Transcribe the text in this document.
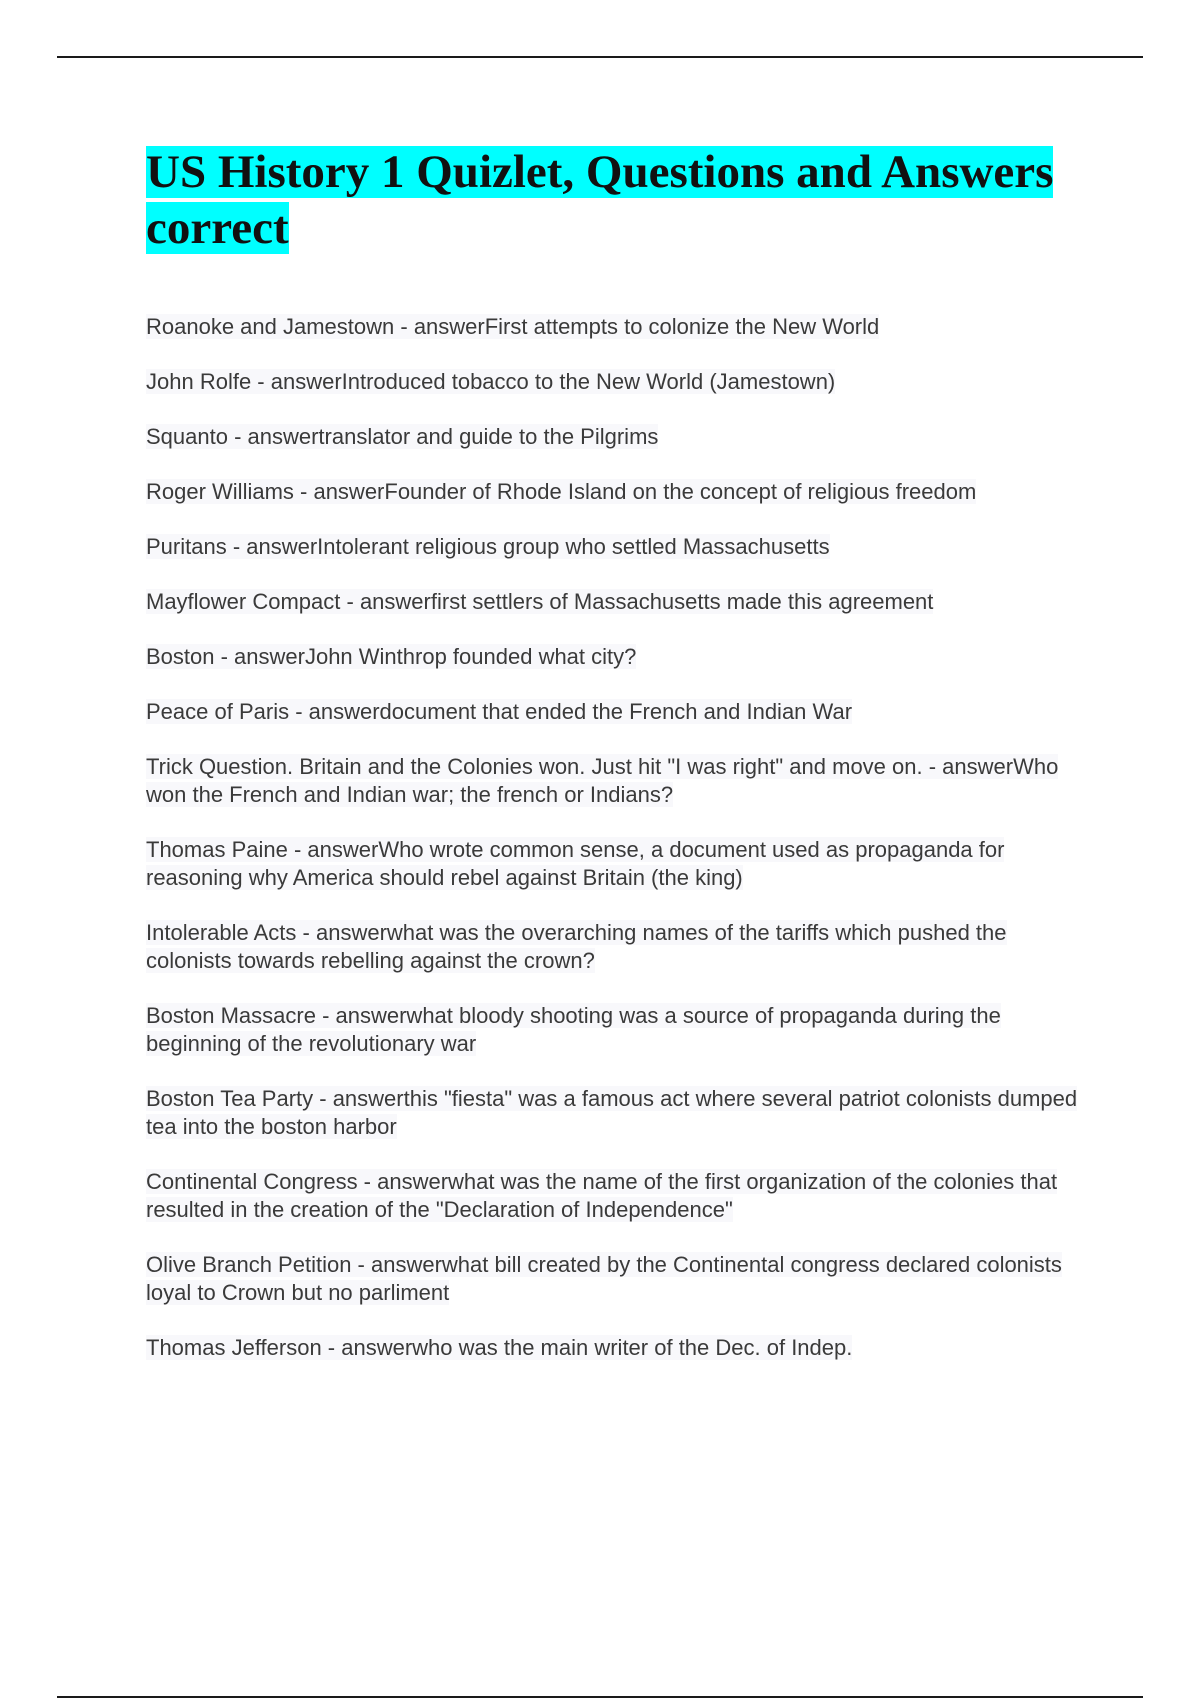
US History 1 Quizlet, Questions and Answers correct
Roanoke and Jamestown - answerFirst attempts to colonize the New World
John Rolfe - answerIntroduced tobacco to the New World (Jamestown)
Squanto - answertranslator and guide to the Pilgrims
Roger Williams - answerFounder of Rhode Island on the concept of religious freedom
Puritans - answerIntolerant religious group who settled Massachusetts
Mayflower Compact - answerfirst settlers of Massachusetts made this agreement
Boston - answerJohn Winthrop founded what city?
Peace of Paris - answerdocument that ended the French and Indian War
Trick Question. Britain and the Colonies won. Just hit "I was right" and move on. - answerWho won the French and Indian war; the french or Indians?
Thomas Paine - answerWho wrote common sense, a document used as propaganda for reasoning why America should rebel against Britain (the king)
Intolerable Acts - answerwhat was the overarching names of the tariffs which pushed the colonists towards rebelling against the crown?
Boston Massacre - answerwhat bloody shooting was a source of propaganda during the beginning of the revolutionary war
Boston Tea Party - answerthis "fiesta" was a famous act where several patriot colonists dumped tea into the boston harbor
Continental Congress - answerwhat was the name of the first organization of the colonies that resulted in the creation of the "Declaration of Independence"
Olive Branch Petition - answerwhat bill created by the Continental congress declared colonists loyal to Crown but no parliment
Thomas Jefferson - answerwho was the main writer of the Dec. of Indep.
